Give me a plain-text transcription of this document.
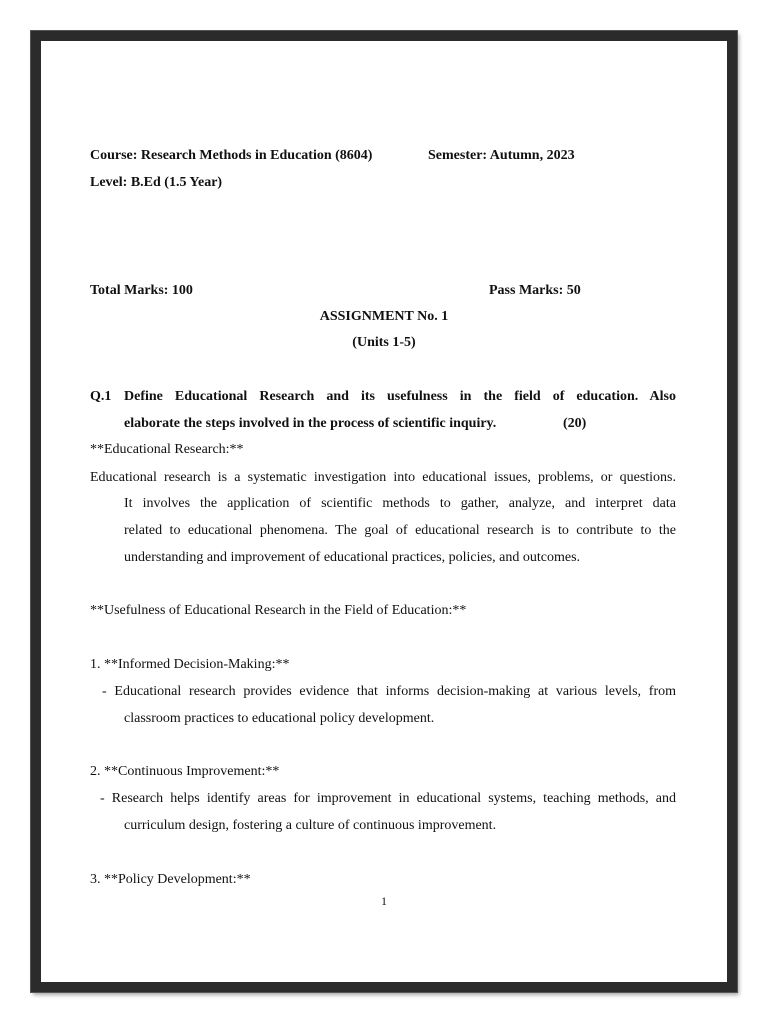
Course: Research Methods in Education (8604)	Semester: Autumn, 2023
Level: B.Ed (1.5 Year)
Total Marks: 100	Pass Marks: 50
ASSIGNMENT No. 1
(Units 1-5)
Q.1 Define Educational Research and its usefulness in the field of education. Also
elaborate the steps involved in the process of scientific inquiry.	(20)
**Educational Research:**
Educational research is a systematic investigation into educational issues, problems, or questions.
It involves the application of scientific methods to gather, analyze, and interpret data
related to educational phenomena. The goal of educational research is to contribute to the
understanding and improvement of educational practices, policies, and outcomes.
**Usefulness of Educational Research in the Field of Education:**
1. **Informed Decision-Making:**
- Educational research provides evidence that informs decision-making at various levels, from
classroom practices to educational policy development.
2. **Continuous Improvement:**
- Research helps identify areas for improvement in educational systems, teaching methods, and
curriculum design, fostering a culture of continuous improvement.
3. **Policy Development:**
1
